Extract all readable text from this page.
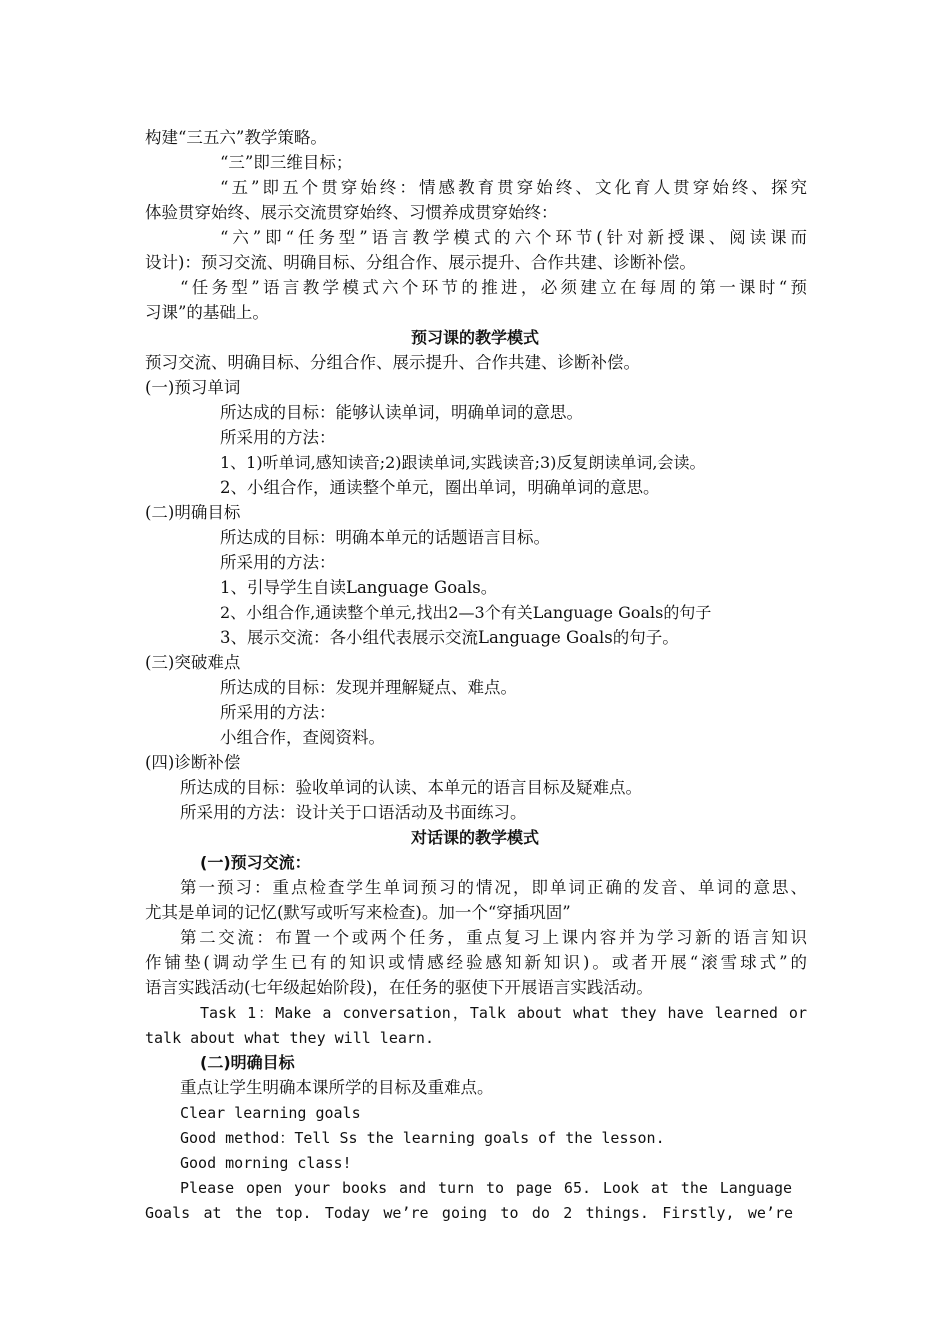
构建“三五六”教学策略。
“三”即三维目标；
“五”即五个贯穿始终：情感教育贯穿始终、文化育人贯穿始终、探究
体验贯穿始终、展示交流贯穿始终、习惯养成贯穿始终：
“六”即“任务型”语言教学模式的六个环节(针对新授课、阅读课而
设计)：预习交流、明确目标、分组合作、展示提升、合作共建、诊断补偿。
“任务型”语言教学模式六个环节的推进，必须建立在每周的第一课时“预
习课”的基础上。
预习课的教学模式
预习交流、明确目标、分组合作、展示提升、合作共建、诊断补偿。
(一)预习单词
所达成的目标：能够认读单词，明确单词的意思。
所采用的方法：
1、1)听单词,感知读音;2)跟读单词,实践读音;3)反复朗读单词,会读。
2、小组合作，通读整个单元，圈出单词，明确单词的意思。
(二)明确目标
所达成的目标：明确本单元的话题语言目标。
所采用的方法：
1、引导学生自读Language Goals。
2、小组合作,通读整个单元,找出2—3个有关Language Goals的句子
3、展示交流：各小组代表展示交流Language Goals的句子。
(三)突破难点
所达成的目标：发现并理解疑点、难点。
所采用的方法：
小组合作，查阅资料。
(四)诊断补偿
所达成的目标：验收单词的认读、本单元的语言目标及疑难点。
所采用的方法：设计关于口语活动及书面练习。
对话课的教学模式
(一)预习交流：
第一预习：重点检查学生单词预习的情况，即单词正确的发音、单词的意思、
尤其是单词的记忆(默写或听写来检查)。加一个“穿插巩固”
第二交流：布置一个或两个任务，重点复习上课内容并为学习新的语言知识
作铺垫(调动学生已有的知识或情感经验感知新知识)。或者开展“滚雪球式”的
语言实践活动(七年级起始阶段)，在任务的驱使下开展语言实践活动。
Task 1：Make a conversation，Talk about what they have learned or
talk about what they will learn.
(二)明确目标
重点让学生明确本课所学的目标及重难点。
Clear learning goals
Good method：Tell Ss the learning goals of the lesson.
Good morning class!
Please open your books and turn to page 65. Look at the Language
Goals at the top. Today we’re going to do 2 things. Firstly, we’re
